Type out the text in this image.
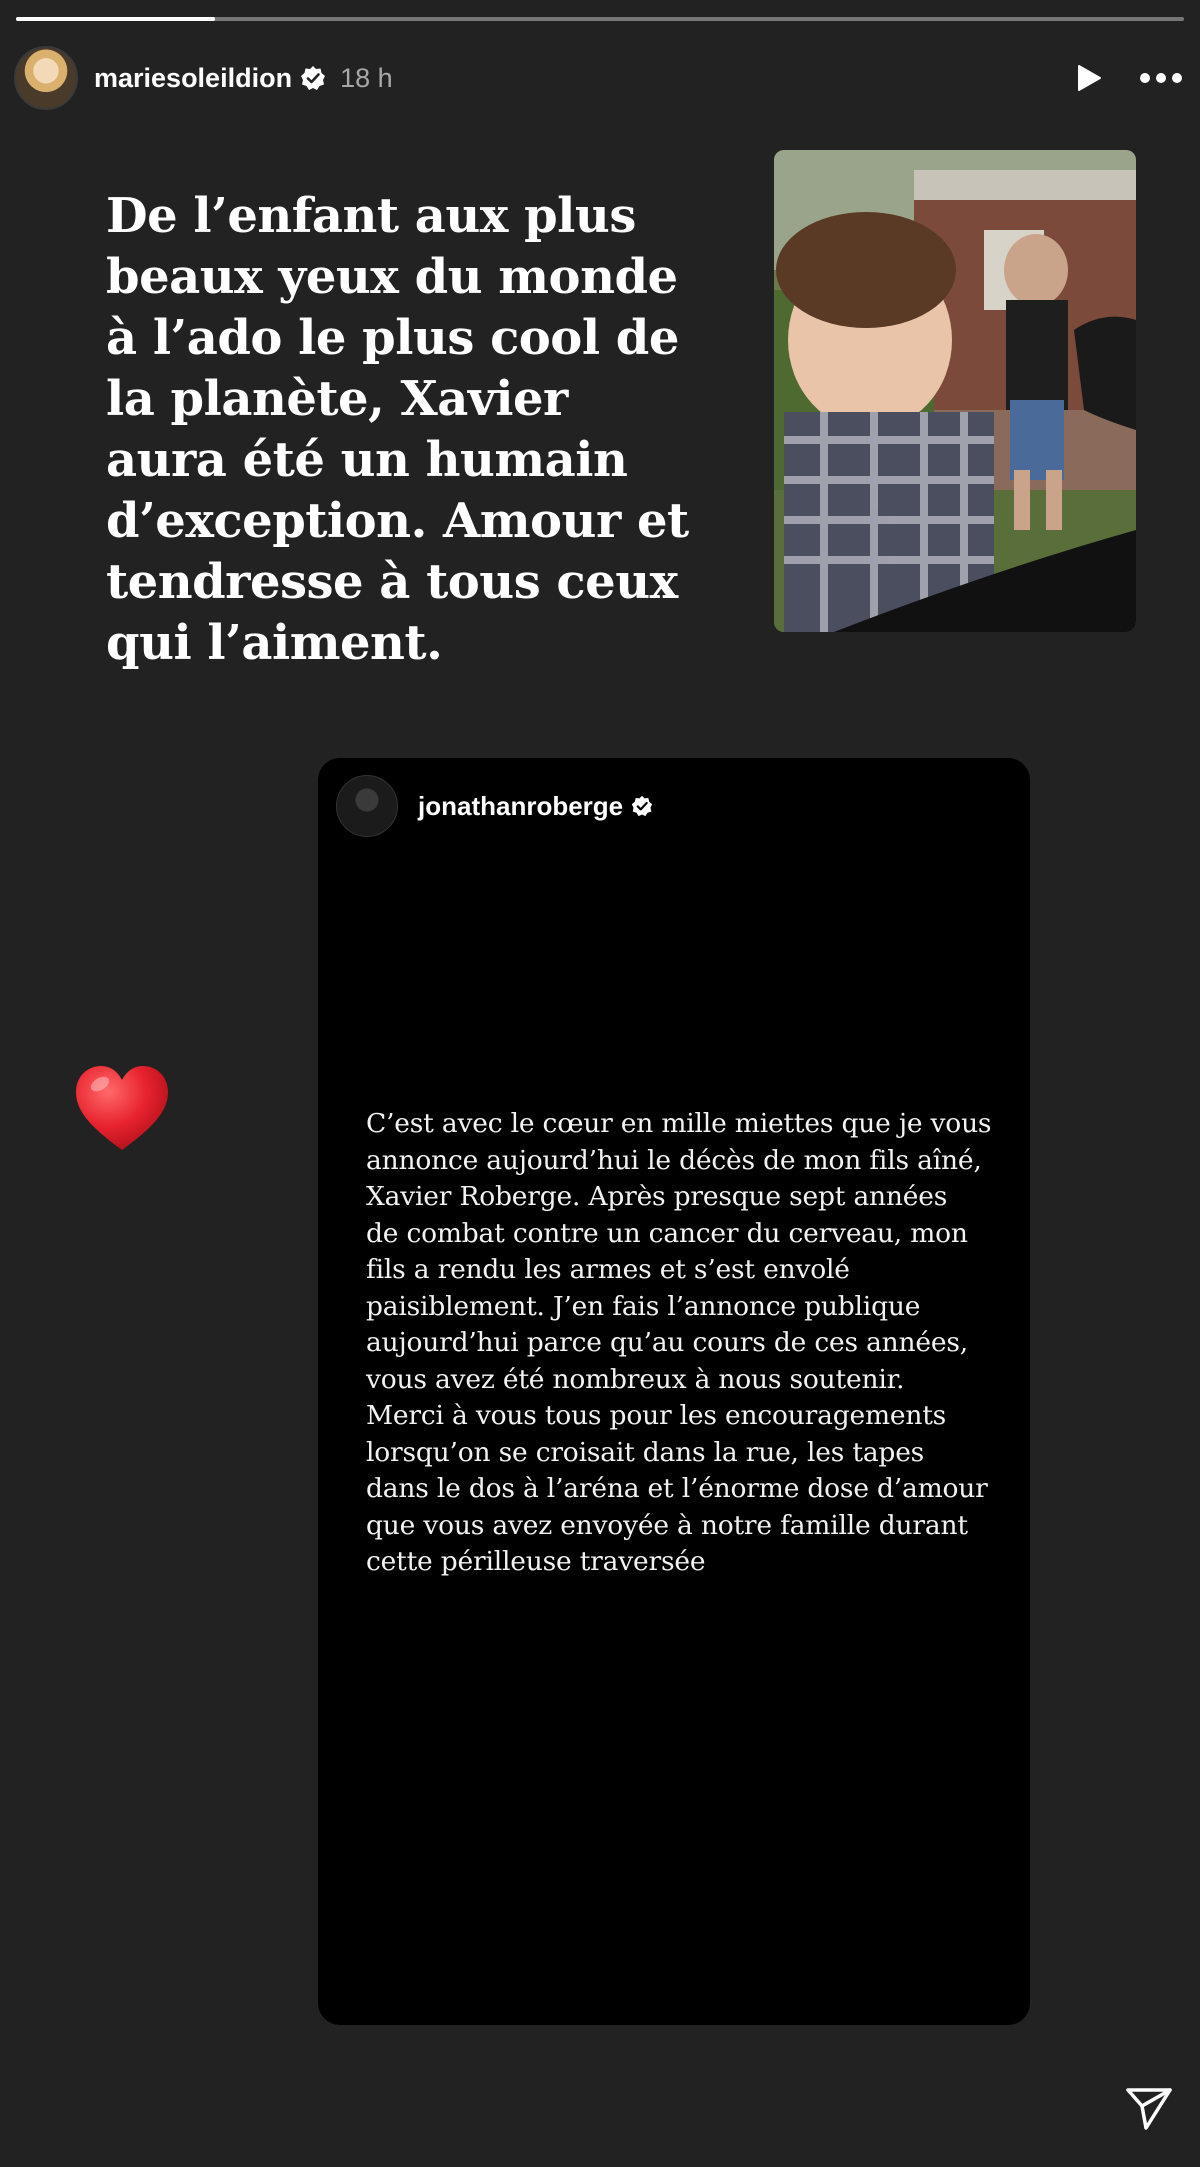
mariesoleildion 18 h

De l’enfant aux plus
beaux yeux du monde
à l’ado le plus cool de
la planète, Xavier
aura été un humain
d’exception. Amour et
tendresse à tous ceux
qui l’aiment.

jonathanroberge

C’est avec le cœur en mille miettes que je vous
annonce aujourd’hui le décès de mon fils aîné,
Xavier Roberge. Après presque sept années
de combat contre un cancer du cerveau, mon
fils a rendu les armes et s’est envolé
paisiblement. J’en fais l’annonce publique
aujourd’hui parce qu’au cours de ces années,
vous avez été nombreux à nous soutenir.
Merci à vous tous pour les encouragements
lorsqu’on se croisait dans la rue, les tapes
dans le dos à l’aréna et l’énorme dose d’amour
que vous avez envoyée à notre famille durant
cette périlleuse traversée
